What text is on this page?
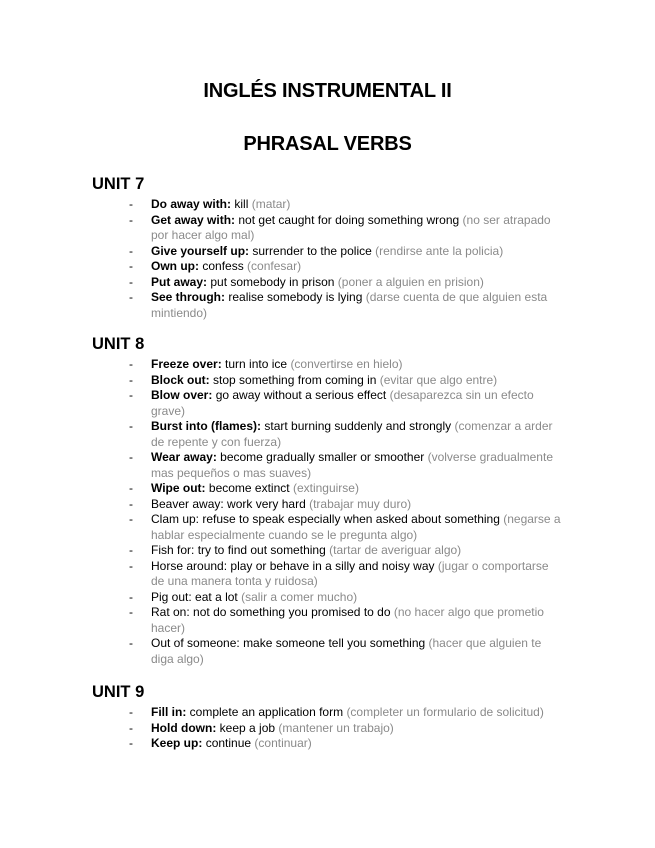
INGLÉS INSTRUMENTAL II
PHRASAL VERBS
UNIT 7
- Do away with: kill (matar)
- Get away with: not get caught for doing something wrong (no ser atrapado por hacer algo mal)
- Give yourself up: surrender to the police (rendirse ante la policia)
- Own up: confess (confesar)
- Put away: put somebody in prison (poner a alguien en prision)
- See through: realise somebody is lying (darse cuenta de que alguien esta mintiendo)
UNIT 8
- Freeze over: turn into ice (convertirse en hielo)
- Block out: stop something from coming in (evitar que algo entre)
- Blow over: go away without a serious effect (desaparezca sin un efecto grave)
- Burst into (flames): start burning suddenly and strongly (comenzar a arder de repente y con fuerza)
- Wear away: become gradually smaller or smoother (volverse gradualmente mas pequeños o mas suaves)
- Wipe out: become extinct (extinguirse)
- Beaver away: work very hard (trabajar muy duro)
- Clam up: refuse to speak especially when asked about something (negarse a hablar especialmente cuando se le pregunta algo)
- Fish for: try to find out something (tartar de averiguar algo)
- Horse around: play or behave in a silly and noisy way (jugar o comportarse de una manera tonta y ruidosa)
- Pig out: eat a lot (salir a comer mucho)
- Rat on: not do something you promised to do (no hacer algo que prometio hacer)
- Out of someone: make someone tell you something (hacer que alguien te diga algo)
UNIT 9
- Fill in: complete an application form (completer un formulario de solicitud)
- Hold down: keep a job (mantener un trabajo)
- Keep up: continue (continuar)
